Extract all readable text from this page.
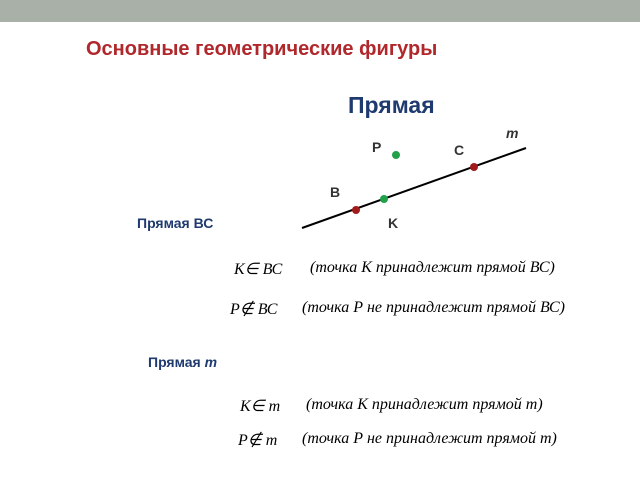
Основные геометрические фигуры
Прямая
m
P	C
B
K
Прямая ВС
К∈ ВС (точка К принадлежит прямой ВС)
Р∉ ВС (точка Р не принадлежит прямой ВС)
Прямая m
К∈ m (точка К принадлежит прямой m)
Р∉ m (точка Р не принадлежит прямой m)
